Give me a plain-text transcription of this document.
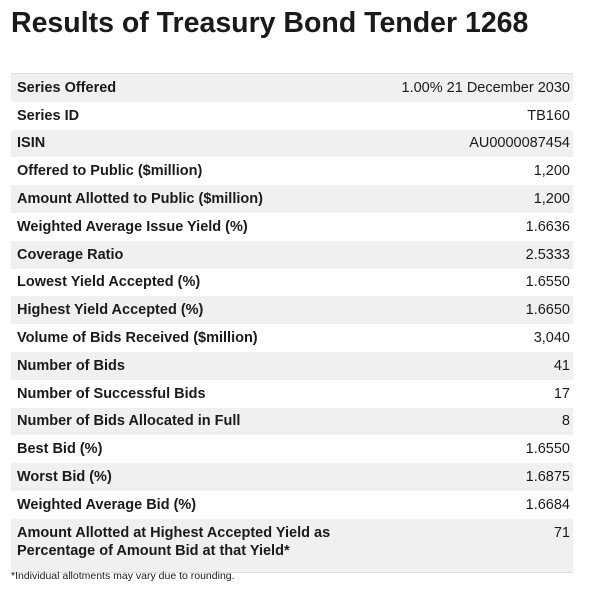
Results of Treasury Bond Tender 1268
Series Offered	1.00% 21 December 2030
Series ID	TB160
ISIN	AU0000087454
Offered to Public ($million)	1,200
Amount Allotted to Public ($million)	1,200
Weighted Average Issue Yield (%)	1.6636
Coverage Ratio	2.5333
Lowest Yield Accepted (%)	1.6550
Highest Yield Accepted (%)	1.6650
Volume of Bids Received ($million)	3,040
Number of Bids	41
Number of Successful Bids	17
Number of Bids Allocated in Full	8
Best Bid (%)	1.6550
Worst Bid (%)	1.6875
Weighted Average Bid (%)	1.6684
Amount Allotted at Highest Accepted Yield as Percentage of Amount Bid at that Yield*	71
*Individual allotments may vary due to rounding.
